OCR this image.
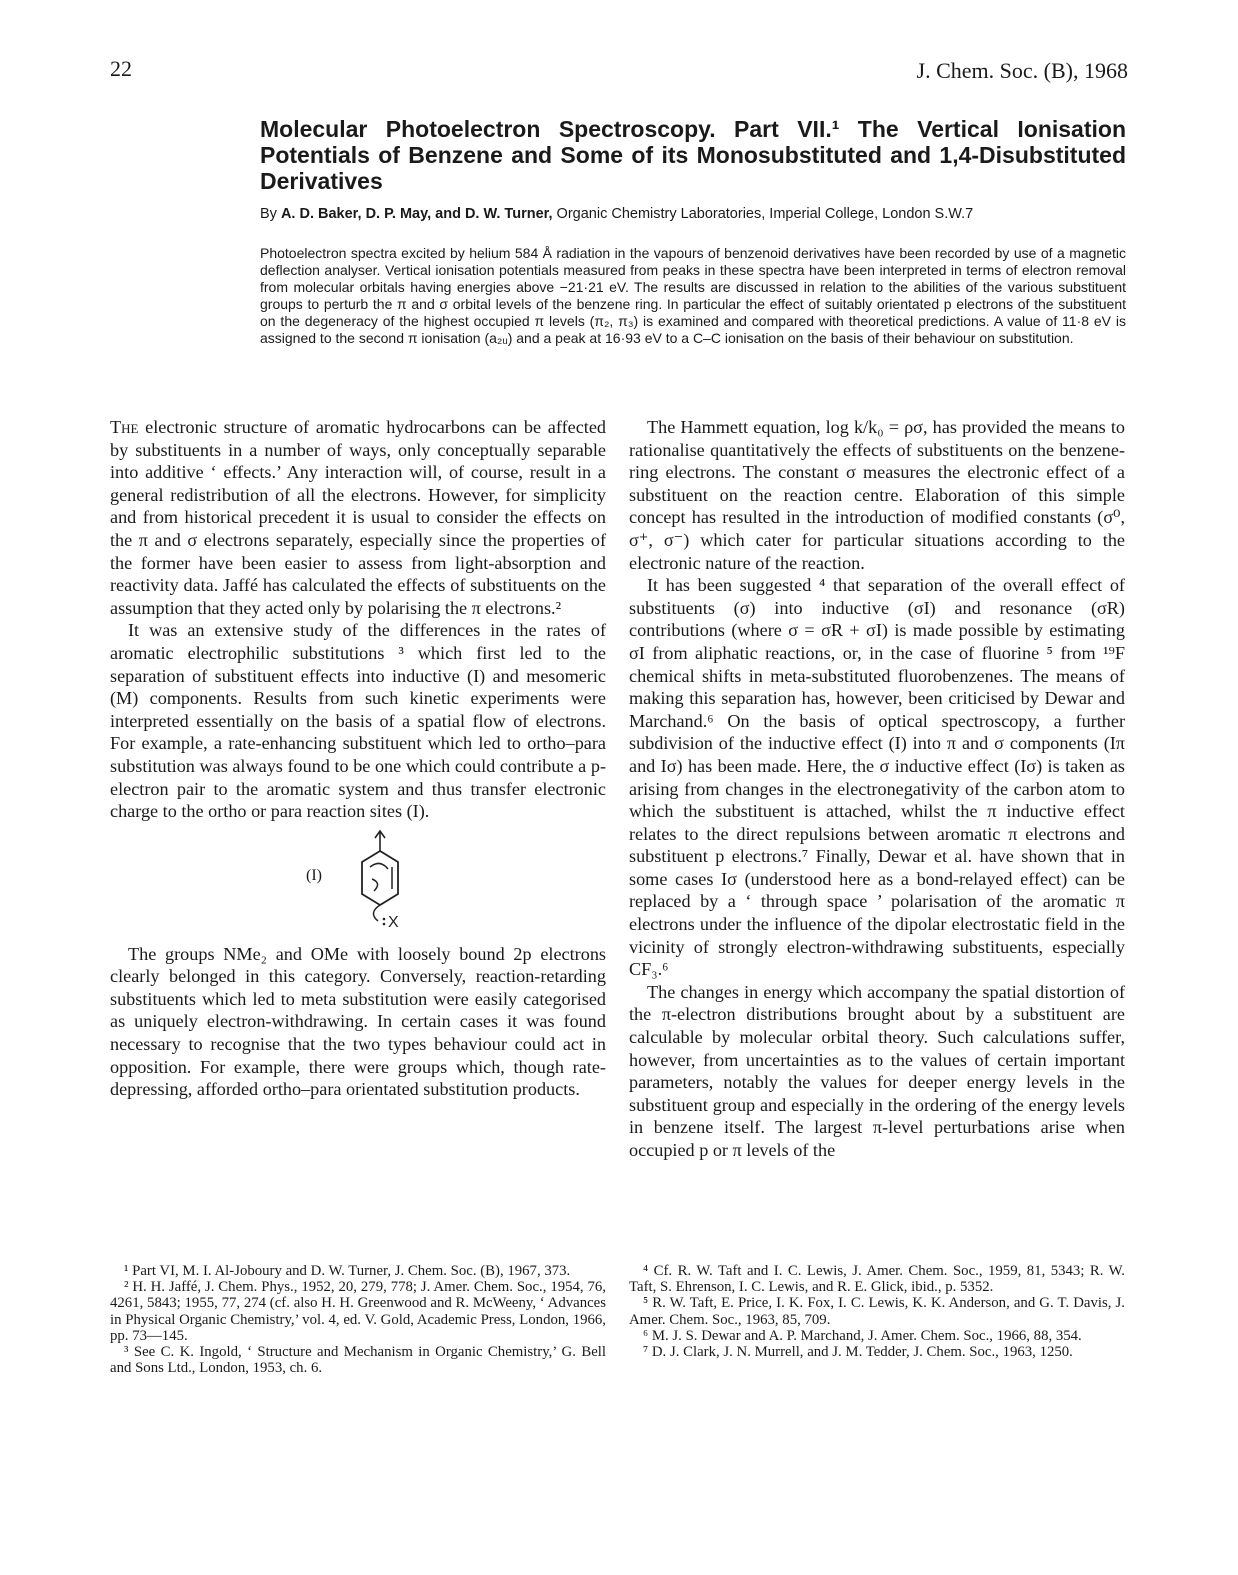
22	J. Chem. Soc. (B), 1968
Molecular Photoelectron Spectroscopy. Part VII.¹ The Vertical Ionisation Potentials of Benzene and Some of its Monosubstituted and 1,4-Disubstituted Derivatives
By A. D. Baker, D. P. May, and D. W. Turner, Organic Chemistry Laboratories, Imperial College, London S.W.7
Photoelectron spectra excited by helium 584 Å radiation in the vapours of benzenoid derivatives have been recorded by use of a magnetic deflection analyser. Vertical ionisation potentials measured from peaks in these spectra have been interpreted in terms of electron removal from molecular orbitals having energies above −21·21 eV. The results are discussed in relation to the abilities of the various substituent groups to perturb the π and σ orbital levels of the benzene ring. In particular the effect of suitably orientated p electrons of the substituent on the degeneracy of the highest occupied π levels (π₂, π₃) is examined and compared with theoretical predictions. A value of 11·8 eV is assigned to the second π ionisation (a₂ᵤ) and a peak at 16·93 eV to a C–C ionisation on the basis of their behaviour on substitution.

The electronic structure of aromatic hydrocarbons can be affected by substituents in a number of ways, only conceptually separable into additive ‘ effects.’ Any interaction will, of course, result in a general redistribution of all the electrons. However, for simplicity and from historical precedent it is usual to consider the effects on the π and σ electrons separately, especially since the properties of the former have been easier to assess from light-absorption and reactivity data. Jaffé has calculated the effects of substituents on the assumption that they acted only by polarising the π electrons.²

It was an extensive study of the differences in the rates of aromatic electrophilic substitutions ³ which first led to the separation of substituent effects into inductive (I) and mesomeric (M) components. Results from such kinetic experiments were interpreted essentially on the basis of a spatial flow of electrons. For example, a rate-enhancing substituent which led to ortho–para substitution was always found to be one which could contribute a p-electron pair to the aromatic system and thus transfer electronic charge to the ortho or para reaction sites (I).

(I)
X

The groups NMe₂ and OMe with loosely bound 2p electrons clearly belonged in this category. Conversely, reaction-retarding substituents which led to meta substitution were easily categorised as uniquely electron-withdrawing. In certain cases it was found necessary to recognise that the two types behaviour could act in opposition. For example, there were groups which, though rate-depressing, afforded ortho–para orientated substitution products.

The Hammett equation, log k/k₀ = ρσ, has provided the means to rationalise quantitatively the effects of substituents on the benzene-ring electrons. The constant σ measures the electronic effect of a substituent on the reaction centre. Elaboration of this simple concept has resulted in the introduction of modified constants (σ⁰, σ⁺, σ⁻) which cater for particular situations according to the electronic nature of the reaction.

It has been suggested ⁴ that separation of the overall effect of substituents (σ) into inductive (σI) and resonance (σR) contributions (where σ = σR + σI) is made possible by estimating σI from aliphatic reactions, or, in the case of fluorine ⁵ from ¹⁹F chemical shifts in meta-substituted fluorobenzenes. The means of making this separation has, however, been criticised by Dewar and Marchand.⁶ On the basis of optical spectroscopy, a further subdivision of the inductive effect (I) into π and σ components (Iπ and Iσ) has been made. Here, the σ inductive effect (Iσ) is taken as arising from changes in the electronegativity of the carbon atom to which the substituent is attached, whilst the π inductive effect relates to the direct repulsions between aromatic π electrons and substituent p electrons.⁷ Finally, Dewar et al. have shown that in some cases Iσ (understood here as a bond-relayed effect) can be replaced by a ‘ through space ’ polarisation of the aromatic π electrons under the influence of the dipolar electrostatic field in the vicinity of strongly electron-withdrawing substituents, especially CF₃.⁶

The changes in energy which accompany the spatial distortion of the π-electron distributions brought about by a substituent are calculable by molecular orbital theory. Such calculations suffer, however, from uncertainties as to the values of certain important parameters, notably the values for deeper energy levels in the substituent group and especially in the ordering of the energy levels in benzene itself. The largest π-level perturbations arise when occupied p or π levels of the

¹ Part VI, M. I. Al-Joboury and D. W. Turner, J. Chem. Soc. (B), 1967, 373.

² H. H. Jaffé, J. Chem. Phys., 1952, 20, 279, 778; J. Amer. Chem. Soc., 1954, 76, 4261, 5843; 1955, 77, 274 (cf. also H. H. Greenwood and R. McWeeny, ‘ Advances in Physical Organic Chemistry,’ vol. 4, ed. V. Gold, Academic Press, London, 1966, pp. 73—145.

³ See C. K. Ingold, ‘ Structure and Mechanism in Organic Chemistry,’ G. Bell and Sons Ltd., London, 1953, ch. 6.

⁴ Cf. R. W. Taft and I. C. Lewis, J. Amer. Chem. Soc., 1959, 81, 5343; R. W. Taft, S. Ehrenson, I. C. Lewis, and R. E. Glick, ibid., p. 5352.

⁵ R. W. Taft, E. Price, I. K. Fox, I. C. Lewis, K. K. Anderson, and G. T. Davis, J. Amer. Chem. Soc., 1963, 85, 709.

⁶ M. J. S. Dewar and A. P. Marchand, J. Amer. Chem. Soc., 1966, 88, 354.

⁷ D. J. Clark, J. N. Murrell, and J. M. Tedder, J. Chem. Soc., 1963, 1250.
